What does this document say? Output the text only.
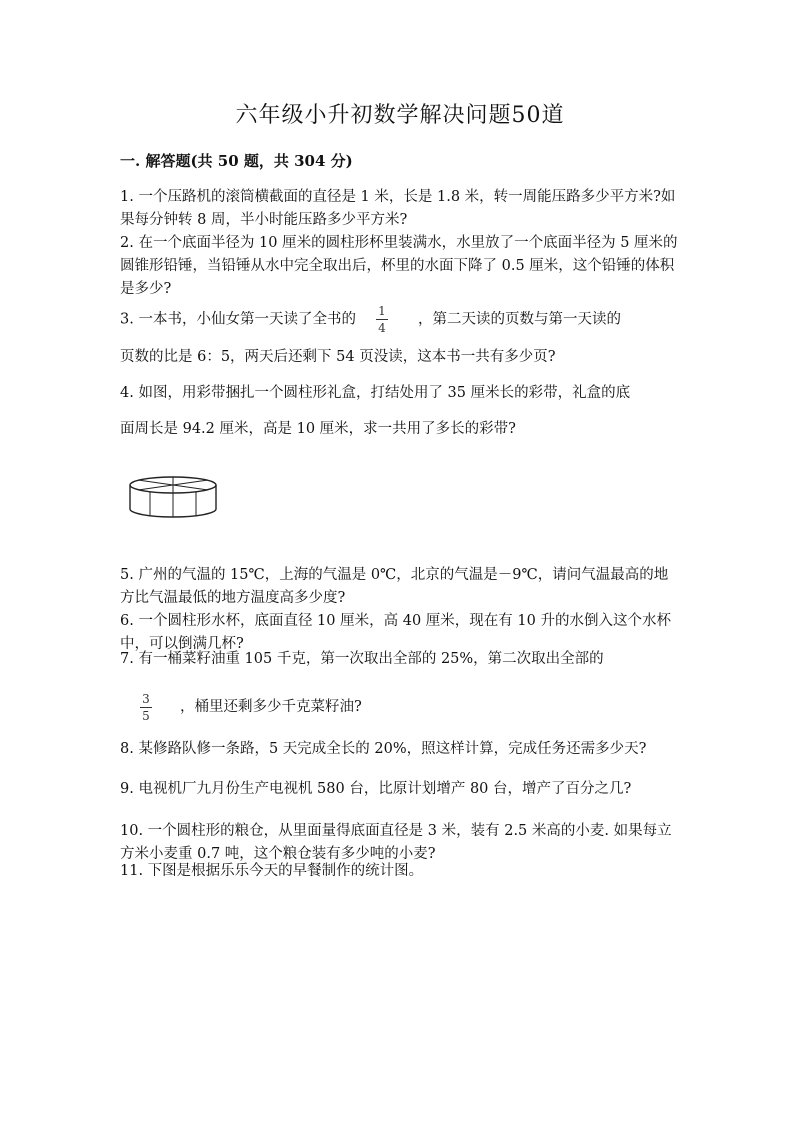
六年级小升初数学解决问题50道
一. 解答题(共 50 题，共 304 分)
1. 一个压路机的滚筒横截面的直径是 1 米，长是 1.8 米，转一周能压路多少平方米?如果每分钟转 8 周，半小时能压路多少平方米?
2. 在一个底面半径为 10 厘米的圆柱形杯里装满水，水里放了一个底面半径为 5 厘米的圆锥形铅锤，当铅锤从水中完全取出后，杯里的水面下降了 0.5 厘米，这个铅锤的体积是多少?
3. 一本书，小仙女第一天读了全书的 $\frac{1}{4}$ ，第二天读的页数与第一天读的
页数的比是 6：5，两天后还剩下 54 页没读，这本书一共有多少页?
4. 如图，用彩带捆扎一个圆柱形礼盒，打结处用了 35 厘米长的彩带，礼盒的底
面周长是 94.2 厘米，高是 10 厘米，求一共用了多长的彩带?
5. 广州的气温的 15℃，上海的气温是 0℃，北京的气温是－9℃，请问气温最高的地方比气温最低的地方温度高多少度?
6. 一个圆柱形水杯，底面直径 10 厘米，高 40 厘米，现在有 10 升的水倒入这个水杯中，可以倒满几杯?
7. 有一桶菜籽油重 105 千克，第一次取出全部的 25%，第二次取出全部的
3
5
，桶里还剩多少千克菜籽油?
8. 某修路队修一条路，5 天完成全长的 20%，照这样计算，完成任务还需多少天?
9. 电视机厂九月份生产电视机 580 台，比原计划增产 80 台，增产了百分之几?
10. 一个圆柱形的粮仓，从里面量得底面直径是 3 米，装有 2.5 米高的小麦. 如果每立方米小麦重 0.7 吨，这个粮仓装有多少吨的小麦?
11. 下图是根据乐乐今天的早餐制作的统计图。
